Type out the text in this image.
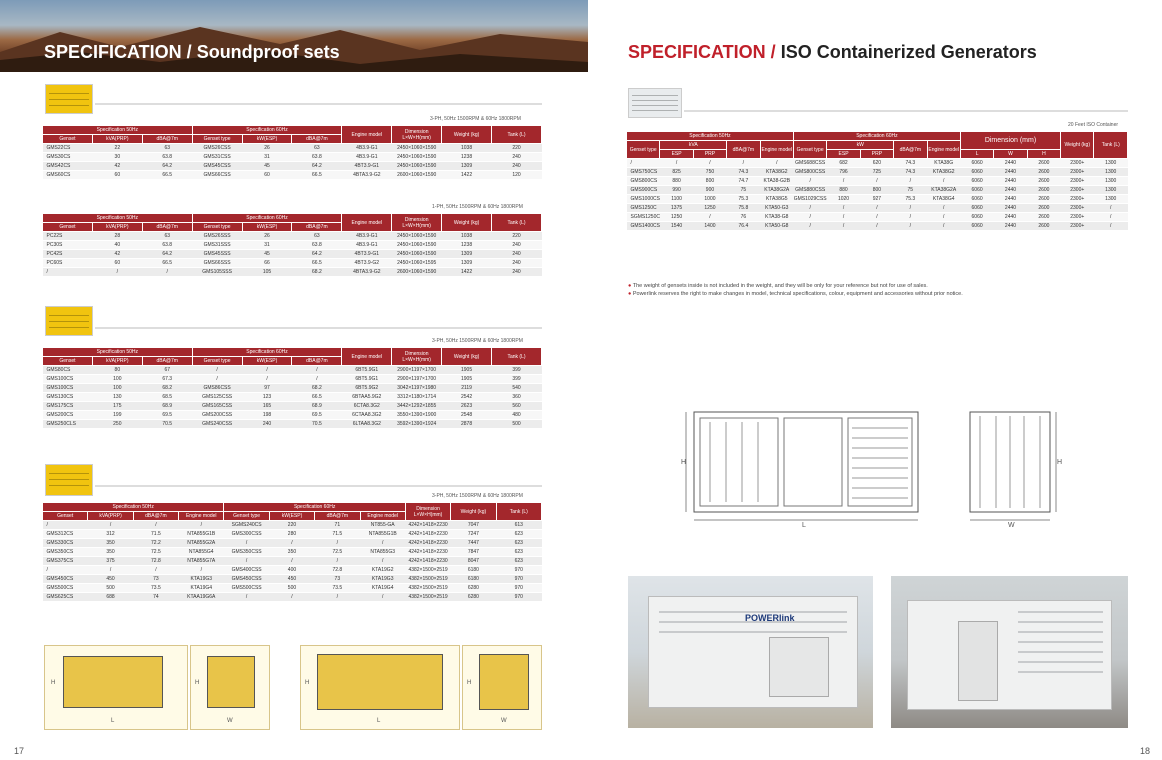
SPECIFICATION / Soundproof sets
3-PH, 50Hz 1500RPM & 60Hz 1800RPM
Specification 50Hz			Specification 60Hz			Engine model	Dimension L×W×H(mm)	Weight (kg)	Tank (L)
Genset	kVA(PRP)	dBA@7m	Genset type	kW(ESP)	dBA@7m				
GMS22CS	22	63	GMS26CSS	26	63	4B3.9-G1	2450×1060×1590	1038	220
GMS30CS	30	63.8	GMS31CSS	31	63.8	4B3.9-G1	2450×1060×1590	1238	240
GMS42CS	42	64.2	GMS45CSS	45	64.2	4BT3.9-G1	2450×1060×1590	1309	240
GMS60CS	60	66.5	GMS66CSS	60	66.5	4BTA3.9-G2	2600×1060×1590	1422	120
1-PH, 50Hz 1500RPM & 60Hz 1800RPM
Specification 50Hz			Specification 60Hz			Engine model	Dimension L×W×H(mm)	Weight (kg)	Tank (L)
Genset	kVA(PRP)	dBA@7m	Genset type	kW(ESP)	dBA@7m				
PC22S	28	63	GMS26SSS	26	63	4B3.9-G1	2450×1060×1590	1038	220
PC30S	40	63.8	GMS31SSS	31	63.8	4B3.9-G1	2450×1060×1590	1238	240
PC42S	42	64.2	GMS45SSS	45	64.2	4BT3.9-G1	2450×1060×1590	1309	240
PC60S	60	66.5	GMS66SSS	66	66.5	4BT3.9-G2	2450×1060×1595	1309	240
/	/	/	GMS105SSS	105	68.2	4BTA3.9-G2	2600×1060×1590	1422	240
3-PH, 50Hz 1500RPM & 60Hz 1800RPM
Specification 50Hz			Specification 60Hz			Engine model	Dimension L×W×H(mm)	Weight (kg)	Tank (L)
Genset	kVA(PRP)	dBA@7m	Genset type	kW(ESP)	dBA@7m				
GMS80CS	80	67	/	/	/	6BT5.9G1	2900×1197×1700	1905	399
GMS100CS	100	67.3	/	/	/	6BT5.9G1	2900×1197×1700	1905	399
GMS100CS	100	68.2	GMS86CSS	97	68.2	6BT5.9G2	3042×1197×1980	2119	540
GMS130CS	130	68.5	GMS125CSS	123	66.5	6BTAA5.9G2	3312×1180×1714	2542	360
GMS175CS	175	68.9	GMS165CSS	165	68.9	6CTA8.3G2	3442×1292×1855	2623	560
GMS200CS	199	69.5	GMS200CSS	198	69.5	6CTAA8.3G2	3550×1390×1900	2548	480
GMS250CLS	250	70.5	GMS240CSS	240	70.5	6LTAA8.3G2	3592×1390×1924	2878	500
3-PH, 50Hz 1500RPM & 60Hz 1800RPM
Specification 50Hz				Specification 60Hz				Dimension L×W×H(mm)	Weight (kg)	Tank (L)
Genset	kVA(PRP)	dBA@7m	Engine model	Genset type	kW(ESP)	dBA@7m	Engine model			
/	/	/	/	SGMS240CS	220	71	NT855-GA	4242×1418×2230	7047	613
GMS312CS	312	71.5	NTA855G1B	GMS300CSS	280	71.5	NTA855G1B	4242×1418×2230	7247	623
GMS330CS	350	72.2	NTA855G2A	/	/	/	/	4242×1418×2230	7447	623
GMS350CS	350	72.5	NTA855G4	GMS350CSS	350	72.5	NTA855G3	4242×1418×2230	7847	623
GMS375CS	375	72.8	NTA855G7A	/	/	/	/	4242×1418×2230	8047	623
/	/	/	/	GMS400CSS	400	72.8	KTA19G2	4382×1500×2519	6180	970
GMS450CS	450	73	KTA19G3	GMS450CSS	450	73	KTA19G3	4382×1500×2519	6180	970
GMS500CS	500	73.5	KTA19G4	GMS500CSS	500	73.5	KTA19G4	4382×1500×2519	6280	970
GMS625CS	688	74	KTAA19G6A	/	/	/	/	4382×1500×2519	6280	970
H
L
H
W
H
L
H
W
17
SPECIFICATION / ISO Containerized Generators
20 Feet ISO Container
Specification 50Hz					Specification 60Hz					Dimension (mm)			Weight (kg)	Tank (L)
Genset type	kVA		dBA@7m	Engine model	Genset type	kW		dBA@7m	Engine model					
	ESP	PRP				ESP	PRP			L	W	H		
/	/	/	/	/	GMS688CSS	682	620	74.3	KTA38G	6060	2440	2600	2300+	1300
GMS750CS	825	750	74.3	KTA38G2	GMS800CSS	796	725	74.3	KTA38G2	6060	2440	2600	2300+	1300
GMS800CS	880	800	74.7	KTA38-G2B	/	/	/	/	/	6060	2440	2600	2300+	1300
GMS900CS	990	900	75	KTA38G2A	GMS880CSS	880	800	75	KTA38G2A	6060	2440	2600	2300+	1300
GMS1000CS	1100	1000	75.3	KTA38G5	GMS1029CSS	1020	927	75.3	KTA38G4	6060	2440	2600	2300+	1300
GMS1250C	1375	1250	75.8	KTA50-G3	/	/	/	/	/	6060	2440	2600	2300+	/
SGMS1250C	1250	/	76	KTA38-G8	/	/	/	/	/	6060	2440	2600	2300+	/
GMS1400CS	1540	1400	76.4	KTA50-G8	/	/	/	/	/	6060	2440	2600	2300+	/
● The weight of gensets inside is not included in the weight, and they will be only for your reference but not for use of sales.
● Powerlink reserves the right to make changes in model, technical specifications, colour, equipment and accessories without prior notice.
H
L
H
W
POWERlink
18
